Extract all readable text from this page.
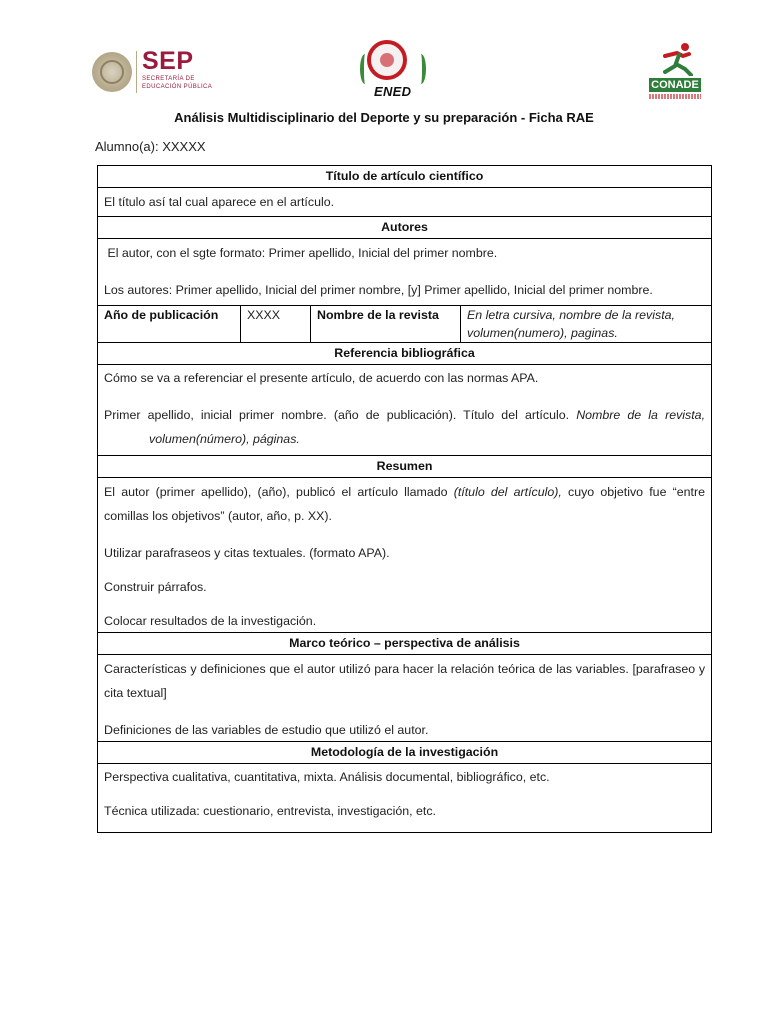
SEP
SECRETARÍA DE
EDUCACIÓN PÚBLICA	ENED	CONADE
Análisis Multidisciplinario del Deporte y su preparación - Ficha RAE
Alumno(a): XXXXX
Título de artículo científico

El título así tal cual aparece en el artículo.

Autores

El autor, con el sgte formato: Primer apellido, Inicial del primer nombre.

Los autores: Primer apellido, Inicial del primer nombre, [y] Primer apellido, Inicial del primer nombre.

Año de publicación	XXXX	Nombre de la revista	En letra cursiva, nombre de la revista, volumen(numero), paginas.
Referencia bibliográfica

Cómo se va a referenciar el presente artículo, de acuerdo con las normas APA.

Primer apellido, inicial primer nombre. (año de publicación). Título del artículo. Nombre de la revista, volumen(número), páginas.

Resumen

El autor (primer apellido), (año), publicó el artículo llamado (título del artículo), cuyo objetivo fue “entre comillas los objetivos” (autor, año, p. XX).

Utilizar parafraseos y citas textuales. (formato APA).

Construir párrafos.

Colocar resultados de la investigación.

Marco teórico – perspectiva de análisis

Características y definiciones que el autor utilizó para hacer la relación teórica de las variables. [parafraseo y cita textual]

Definiciones de las variables de estudio que utilizó el autor.

Metodología de la investigación

Perspectiva cualitativa, cuantitativa, mixta. Análisis documental, bibliográfico, etc.

Técnica utilizada: cuestionario, entrevista, investigación, etc.
